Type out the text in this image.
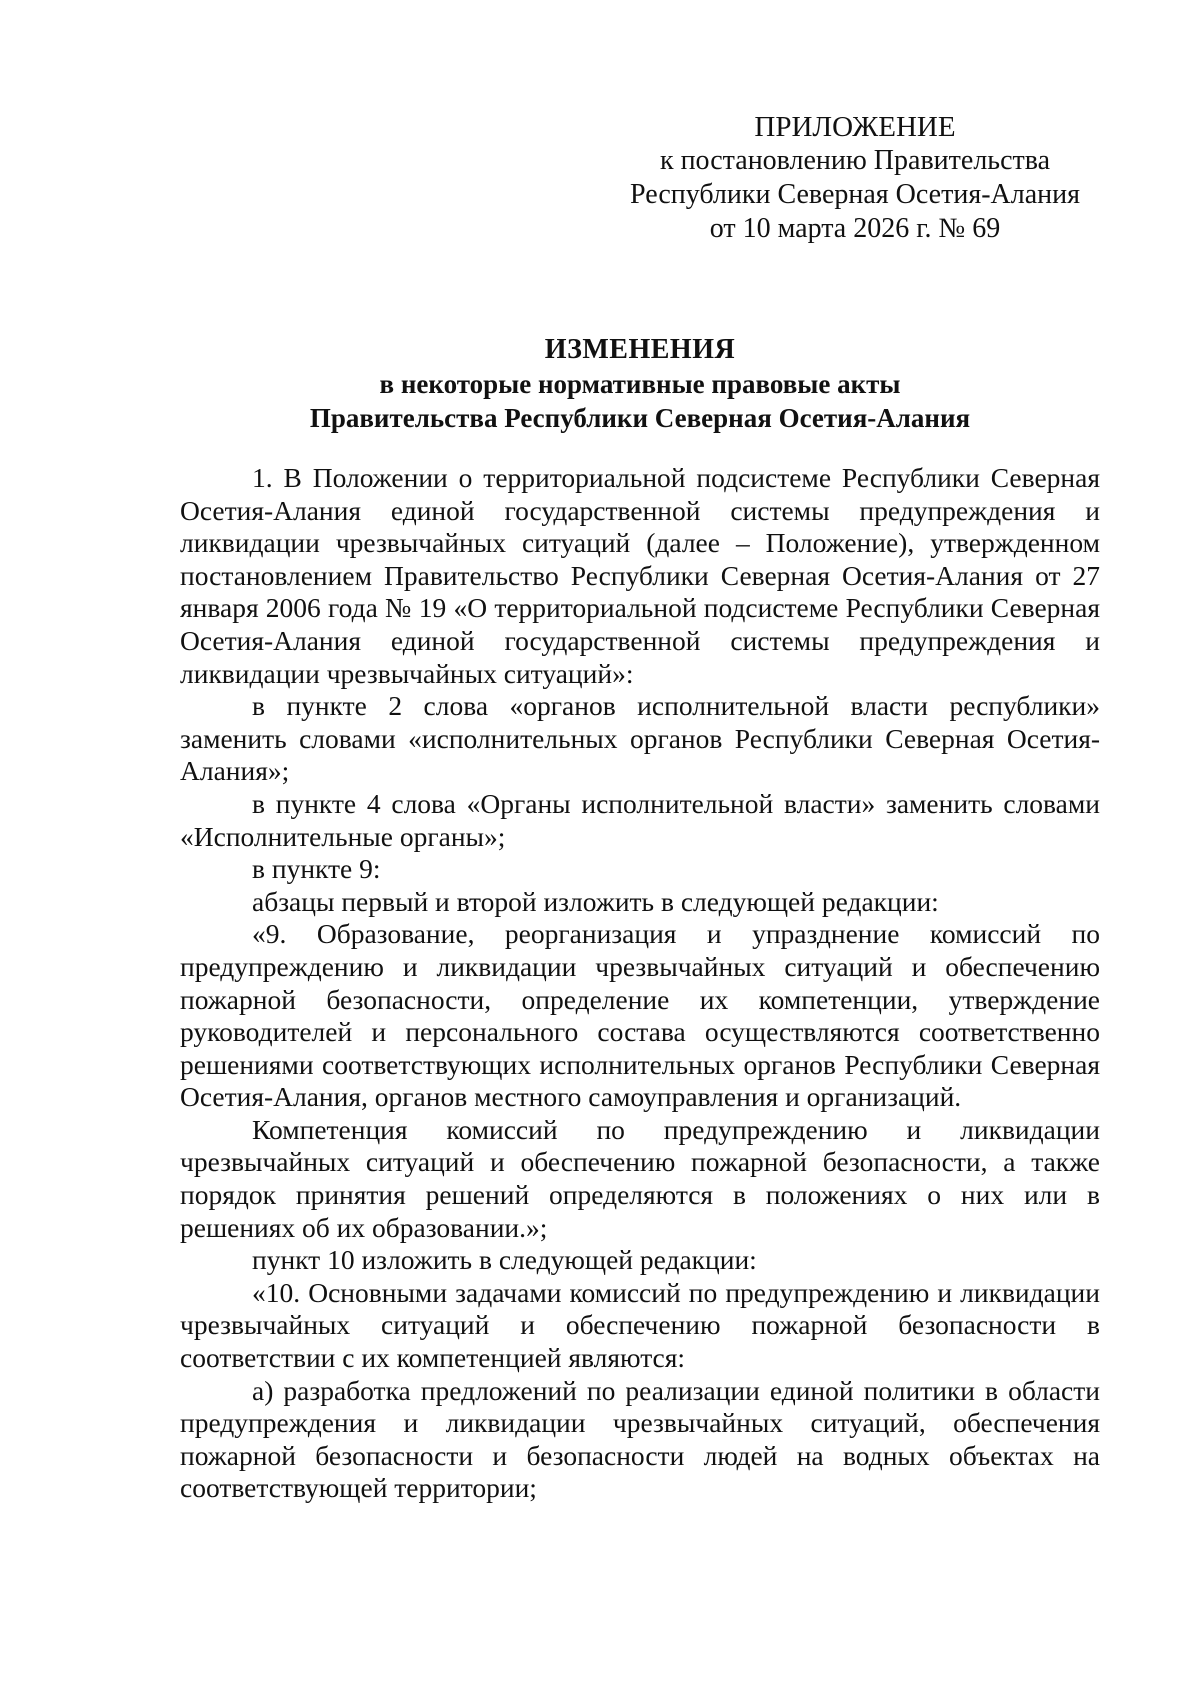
ПРИЛОЖЕНИЕ
к постановлению Правительства
Республики Северная Осетия-Алания
от 10 марта 2026 г. № 69
ИЗМЕНЕНИЯ
в некоторые нормативные правовые акты
Правительства Республики Северная Осетия-Алания

1. В Положении о территориальной подсистеме Республики Северная Осетия-Алания единой государственной системы предупреждения и ликвидации чрезвычайных ситуаций (далее – Положение), утвержденном постановлением Правительство Республики Северная Осетия-Алания от 27 января 2006 года № 19 «О территориальной подсистеме Республики Северная Осетия-Алания единой государственной системы предупреждения и ликвидации чрезвычайных ситуаций»:

в пункте 2 слова «органов исполнительной власти республики» заменить словами «исполнительных органов Республики Северная Осетия-Алания»;

в пункте 4 слова «Органы исполнительной власти» заменить словами «Исполнительные органы»;

в пункте 9:

абзацы первый и второй изложить в следующей редакции:

«9. Образование, реорганизация и упразднение комиссий по предупреждению и ликвидации чрезвычайных ситуаций и обеспечению пожарной безопасности, определение их компетенции, утверждение руководителей и персонального состава осуществляются соответственно решениями соответствующих исполнительных органов Республики Северная Осетия-Алания, органов местного самоуправления и организаций.

Компетенция комиссий по предупреждению и ликвидации чрезвычайных ситуаций и обеспечению пожарной безопасности, а также порядок принятия решений определяются в положениях о них или в решениях об их образовании.»;

пункт 10 изложить в следующей редакции:

«10. Основными задачами комиссий по предупреждению и ликвидации чрезвычайных ситуаций и обеспечению пожарной безопасности в соответствии с их компетенцией являются:

а) разработка предложений по реализации единой политики в области предупреждения и ликвидации чрезвычайных ситуаций, обеспечения пожарной безопасности и безопасности людей на водных объектах на соответствующей территории;
